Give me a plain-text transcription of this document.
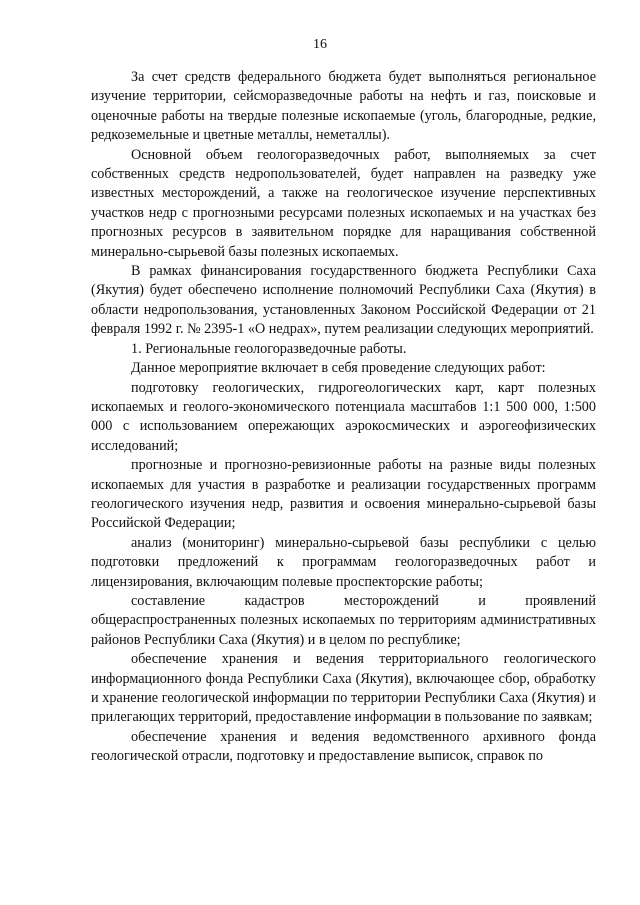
16

За счет средств федерального бюджета будет выполняться региональное изучение территории, сейсморазведочные работы на нефть и газ, поисковые и оценочные работы на твердые полезные ископаемые (уголь, благородные, редкие, редкоземельные и цветные металлы, неметаллы).

Основной объем геологоразведочных работ, выполняемых за счет собственных средств недропользователей, будет направлен на разведку уже известных месторождений, а также на геологическое изучение перспективных участков недр с прогнозными ресурсами полезных ископаемых и на участках без прогнозных ресурсов в заявительном порядке для наращивания собственной минерально-сырьевой базы полезных ископаемых.

В рамках финансирования государственного бюджета Республики Саха (Якутия) будет обеспечено исполнение полномочий Республики Саха (Якутия) в области недропользования, установленных Законом Российской Федерации от 21 февраля 1992 г. № 2395-1 «О недрах», путем реализации следующих мероприятий.

1. Региональные геологоразведочные работы.

Данное мероприятие включает в себя проведение следующих работ:

подготовку геологических, гидрогеологических карт, карт полезных ископаемых и геолого-экономического потенциала масштабов 1:1 500 000, 1:500 000 с использованием опережающих аэрокосмических и аэрогеофизических исследований;

прогнозные и прогнозно-ревизионные работы на разные виды полезных ископаемых для участия в разработке и реализации государственных программ геологического изучения недр, развития и освоения минерально-сырьевой базы Российской Федерации;

анализ (мониторинг) минерально-сырьевой базы республики с целью подготовки предложений к программам геологоразведочных работ и лицензирования, включающим полевые проспекторские работы;

составление кадастров месторождений и проявлений общераспространенных полезных ископаемых по территориям административных районов Республики Саха (Якутия) и в целом по республике;

обеспечение хранения и ведения территориального геологического информационного фонда Республики Саха (Якутия), включающее сбор, обработку и хранение геологической информации по территории Республики Саха (Якутия) и прилегающих территорий, предоставление информации в пользование по заявкам;

обеспечение хранения и ведения ведомственного архивного фонда геологической отрасли, подготовку и предоставление выписок, справок по
